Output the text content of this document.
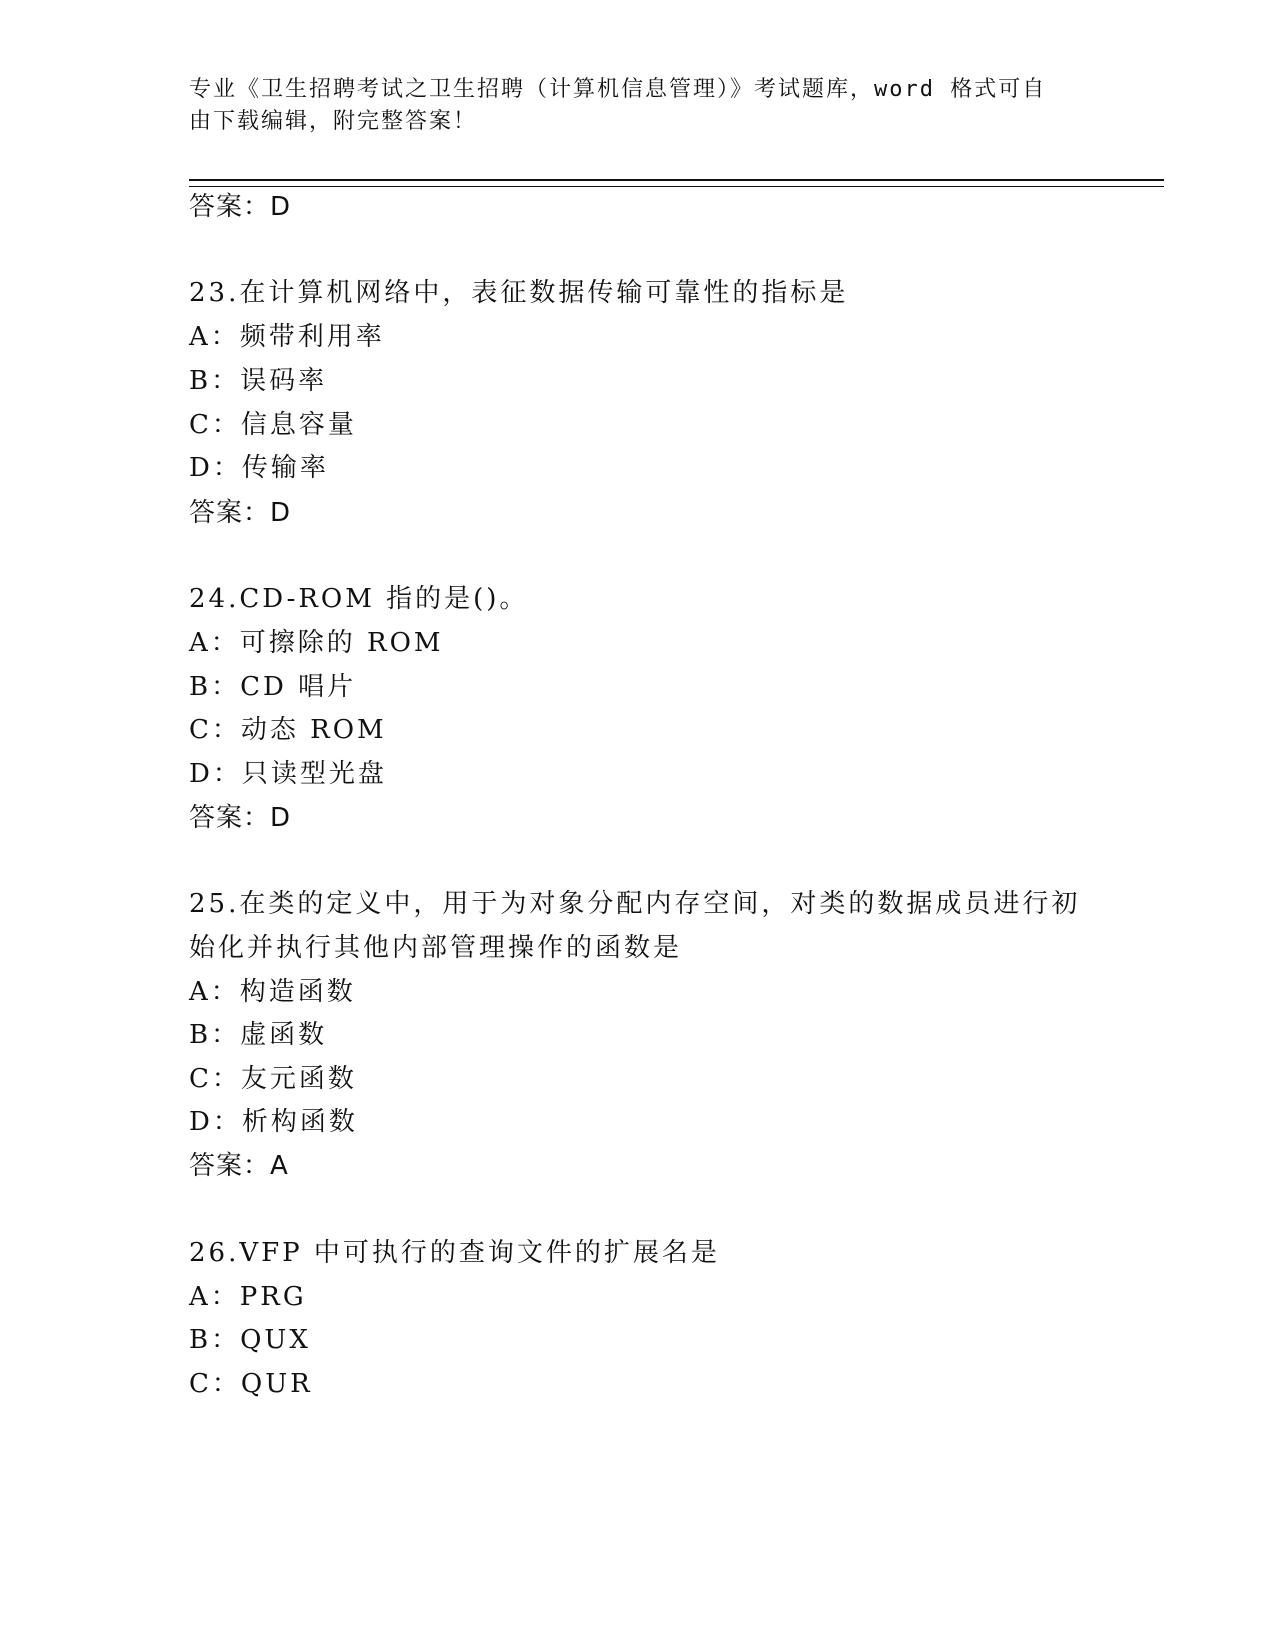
专业《卫生招聘考试之卫生招聘（计算机信息管理）》考试题库，word 格式可自
由下载编辑，附完整答案！
答案：D
23.在计算机网络中，表征数据传输可靠性的指标是
A：频带利用率
B：误码率
C：信息容量
D：传输率
答案：D
24.CD-ROM 指的是()。
A：可擦除的 ROM
B：CD 唱片
C：动态 ROM
D：只读型光盘
答案：D
25.在类的定义中，用于为对象分配内存空间，对类的数据成员进行初
始化并执行其他内部管理操作的函数是
A：构造函数
B：虚函数
C：友元函数
D：析构函数
答案：A
26.VFP 中可执行的查询文件的扩展名是
A：PRG
B：QUX
C：QUR
